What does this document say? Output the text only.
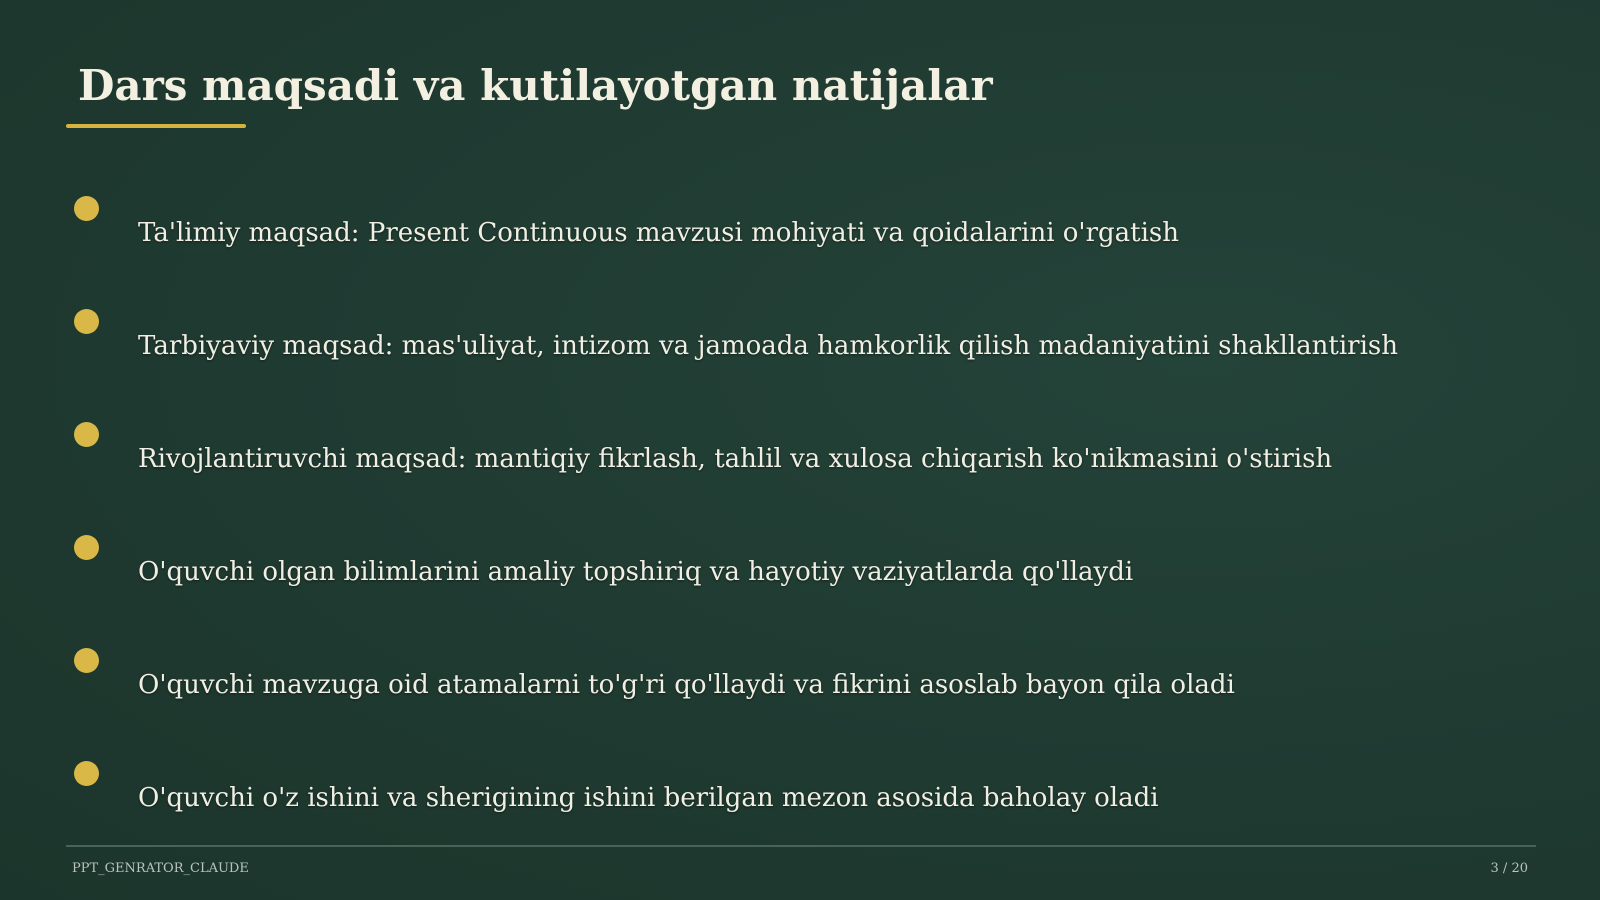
Dars maqsadi va kutilayotgan natijalar
Ta'limiy maqsad: Present Continuous mavzusi mohiyati va qoidalarini o'rgatish
Tarbiyaviy maqsad: mas'uliyat, intizom va jamoada hamkorlik qilish madaniyatini shakllantirish
Rivojlantiruvchi maqsad: mantiqiy fikrlash, tahlil va xulosa chiqarish ko'nikmasini o'stirish
O'quvchi olgan bilimlarini amaliy topshiriq va hayotiy vaziyatlarda qo'llaydi
O'quvchi mavzuga oid atamalarni to'g'ri qo'llaydi va fikrini asoslab bayon qila oladi
O'quvchi o'z ishini va sherigining ishini berilgan mezon asosida baholay oladi
PPT_GENRATOR_CLAUDE	3 / 20
